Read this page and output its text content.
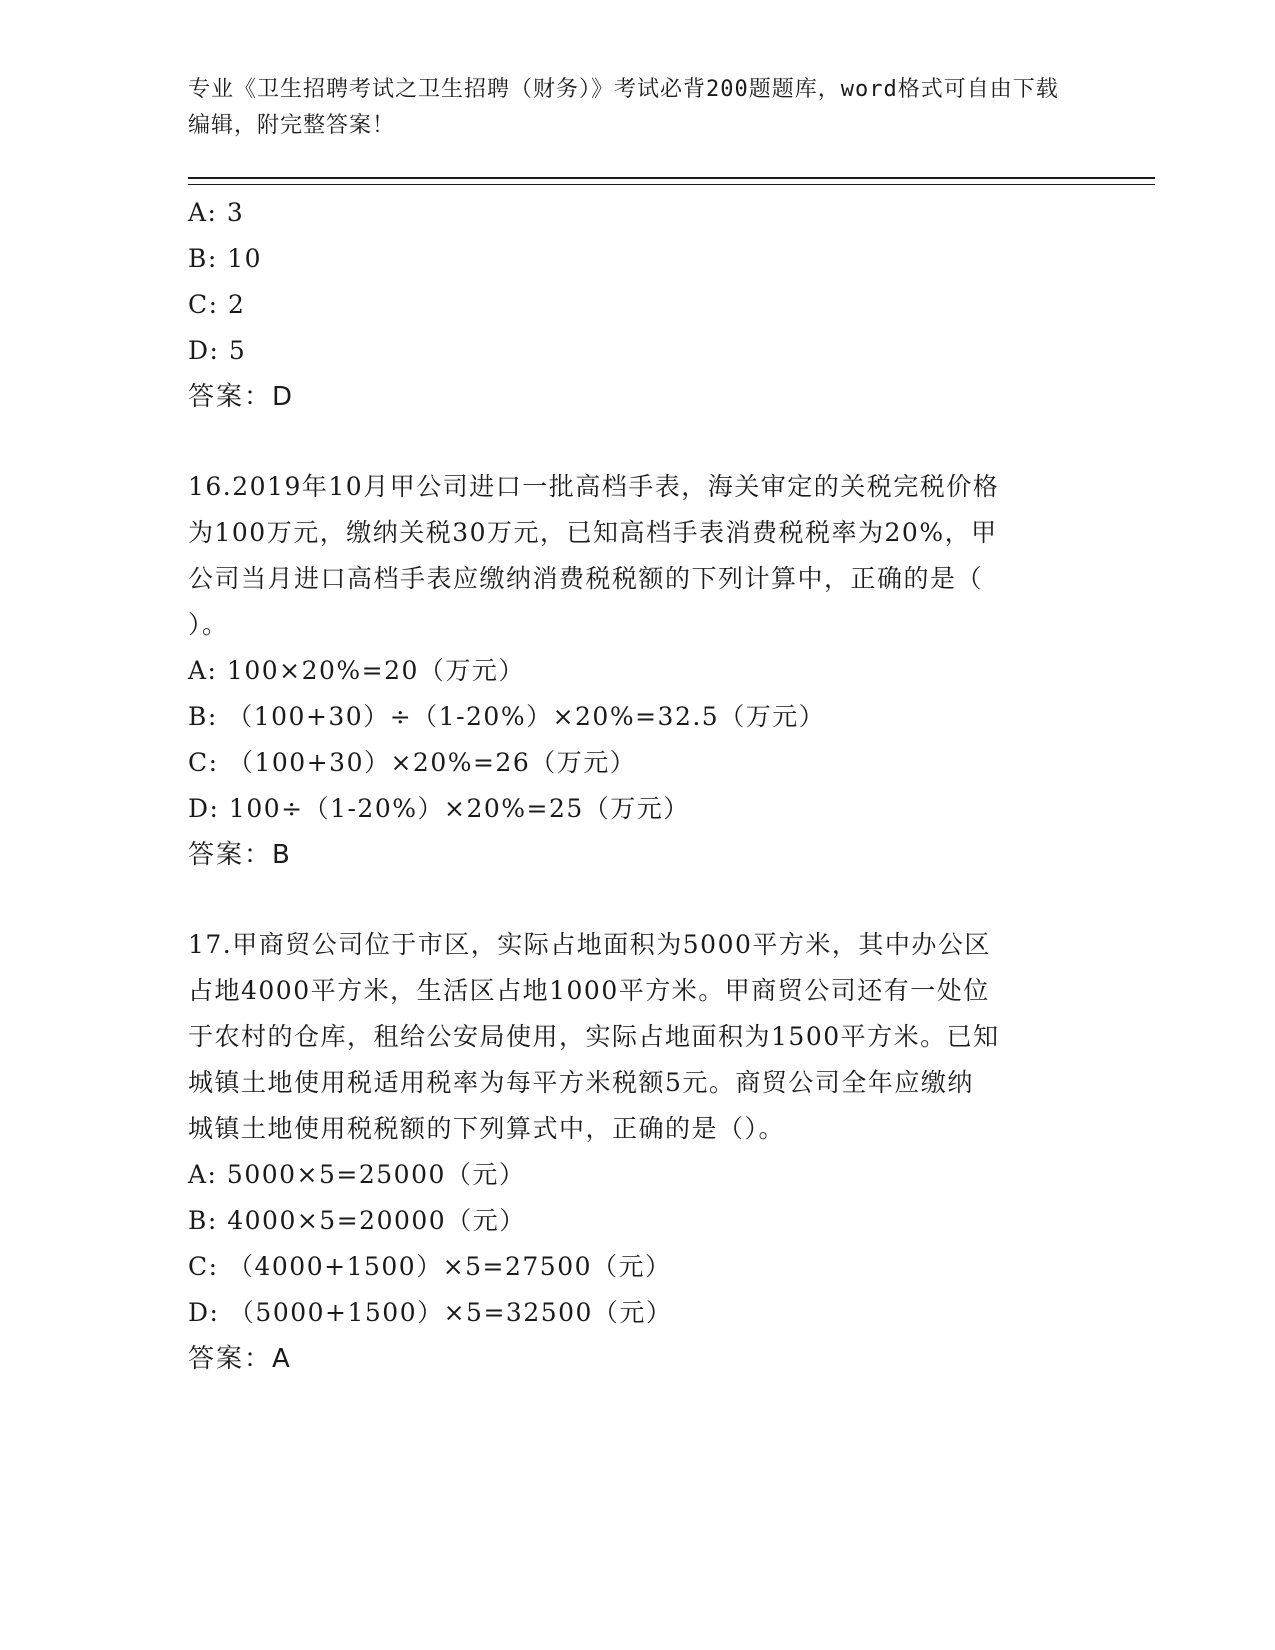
专业《卫生招聘考试之卫生招聘（财务）》考试必背200题题库，word格式可自由下载编辑，附完整答案！

A: 3

B: 10

C: 2

D: 5

答案：D

16.2019年10月甲公司进口一批高档手表，海关审定的关税完税价格

为100万元，缴纳关税30万元，已知高档手表消费税税率为20%，甲

公司当月进口高档手表应缴纳消费税税额的下列计算中，正确的是（

）。

A: 100×20%=20（万元）

B: （100+30）÷（1-20%）×20%=32.5（万元）

C: （100+30）×20%=26（万元）

D: 100÷（1-20%）×20%=25（万元）

答案：B

17.甲商贸公司位于市区，实际占地面积为5000平方米，其中办公区

占地4000平方米，生活区占地1000平方米。甲商贸公司还有一处位

于农村的仓库，租给公安局使用，实际占地面积为1500平方米。已知

城镇土地使用税适用税率为每平方米税额5元。商贸公司全年应缴纳

城镇土地使用税税额的下列算式中，正确的是（）。

A: 5000×5=25000（元）

B: 4000×5=20000（元）

C: （4000+1500）×5=27500（元）

D: （5000+1500）×5=32500（元）

答案：A
